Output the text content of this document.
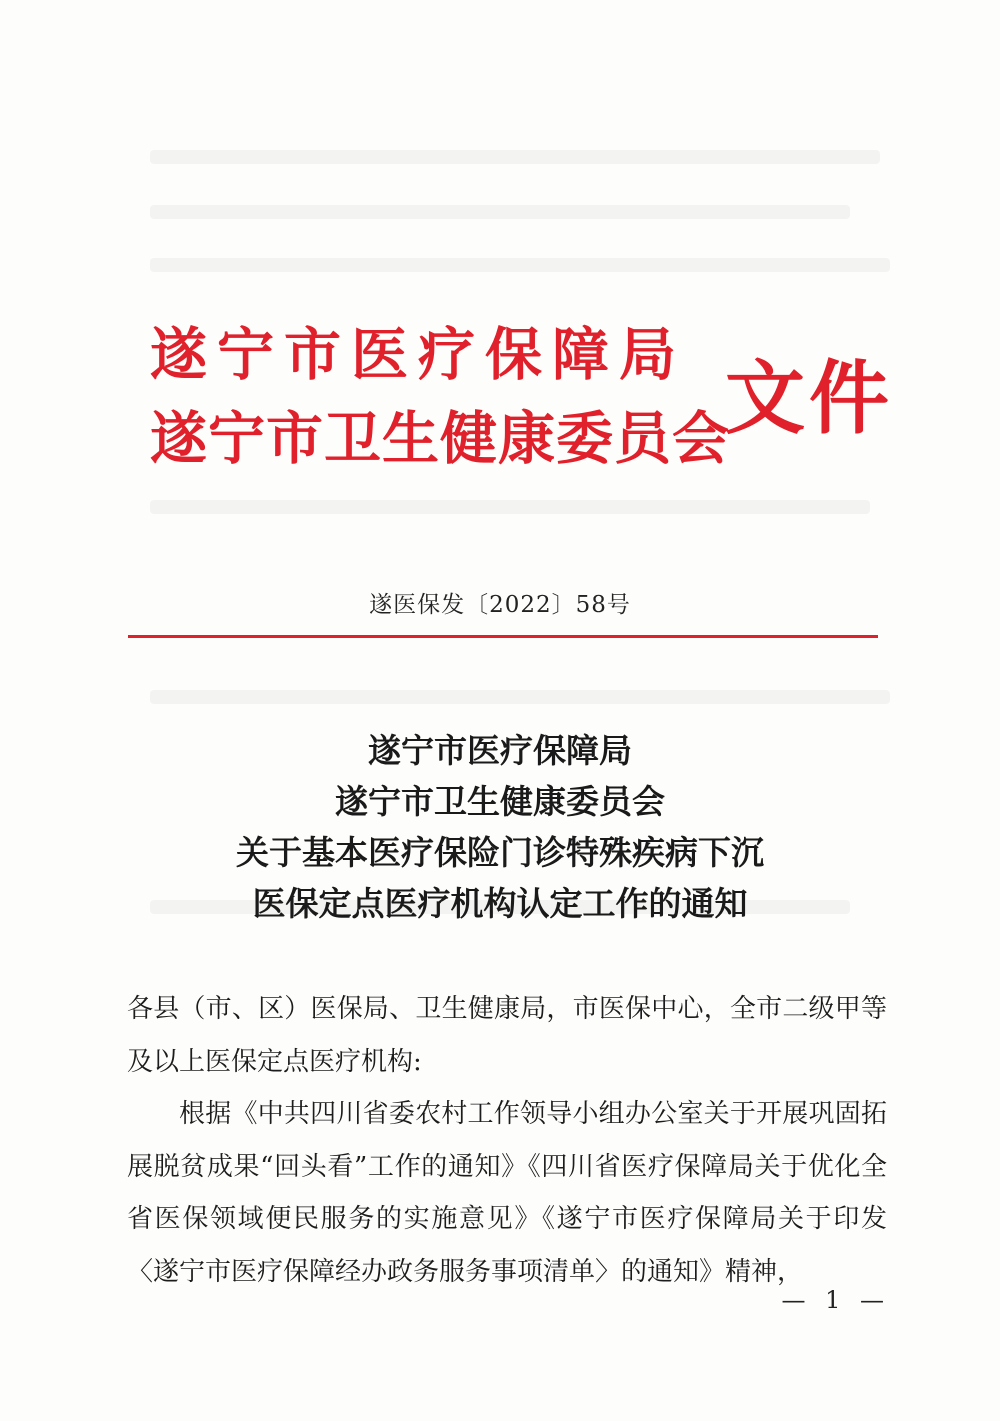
遂宁市医疗保障局
遂宁市卫生健康委员会
文件
遂医保发〔2022〕58号
遂宁市医疗保障局
遂宁市卫生健康委员会
关于基本医疗保险门诊特殊疾病下沉
医保定点医疗机构认定工作的通知

各县（市、区）医保局、卫生健康局，市医保中心，全市二级甲等及以上医保定点医疗机构:

根据《中共四川省委农村工作领导小组办公室关于开展巩固拓展脱贫成果“回头看”工作的通知》《四川省医疗保障局关于优化全省医保领域便民服务的实施意见》《遂宁市医疗保障局关于印发〈遂宁市医疗保障经办政务服务事项清单〉的通知》精神，

— 1 —
